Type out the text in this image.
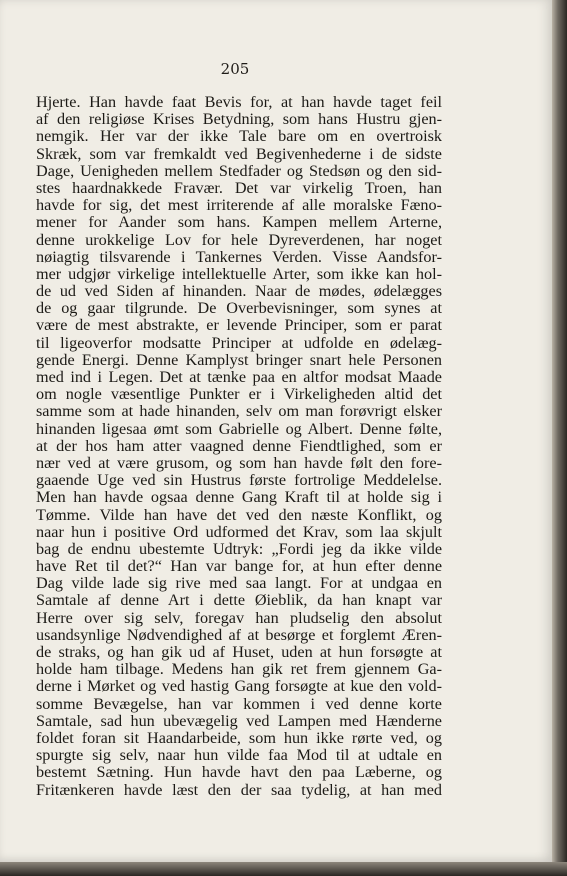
205
Hjerte. Han havde faat Bevis for, at han havde taget feil
af den religiøse Krises Betydning, som hans Hustru gjen-
nemgik. Her var der ikke Tale bare om en overtroisk
Skræk, som var fremkaldt ved Begivenhederne i de sidste
Dage, Uenigheden mellem Stedfader og Stedsøn og den sid-
stes haardnakkede Fravær. Det var virkelig Troen, han
havde for sig, det mest irriterende af alle moralske Fæno-
mener for Aander som hans. Kampen mellem Arterne,
denne urokkelige Lov for hele Dyreverdenen, har noget
nøiagtig tilsvarende i Tankernes Verden. Visse Aandsfor-
mer udgjør virkelige intellektuelle Arter, som ikke kan hol-
de ud ved Siden af hinanden. Naar de mødes, ødelægges
de og gaar tilgrunde. De Overbevisninger, som synes at
være de mest abstrakte, er levende Principer, som er parat
til ligeoverfor modsatte Principer at udfolde en ødelæg-
gende Energi. Denne Kamplyst bringer snart hele Personen
med ind i Legen. Det at tænke paa en altfor modsat Maade
om nogle væsentlige Punkter er i Virkeligheden altid det
samme som at hade hinanden, selv om man forøvrigt elsker
hinanden ligesaa ømt som Gabrielle og Albert. Denne følte,
at der hos ham atter vaagned denne Fiendtlighed, som er
nær ved at være grusom, og som han havde følt den fore-
gaaende Uge ved sin Hustrus første fortrolige Meddelelse.
Men han havde ogsaa denne Gang Kraft til at holde sig i
Tømme. Vilde han have det ved den næste Konflikt, og
naar hun i positive Ord udformed det Krav, som laa skjult
bag de endnu ubestemte Udtryk: „Fordi jeg da ikke vilde
have Ret til det?“ Han var bange for, at hun efter denne
Dag vilde lade sig rive med saa langt. For at undgaa en
Samtale af denne Art i dette Øieblik, da han knapt var
Herre over sig selv, foregav han pludselig den absolut
usandsynlige Nødvendighed af at besørge et forglemt Æren-
de straks, og han gik ud af Huset, uden at hun forsøgte at
holde ham tilbage. Medens han gik ret frem gjennem Ga-
derne i Mørket og ved hastig Gang forsøgte at kue den vold-
somme Bevægelse, han var kommen i ved denne korte
Samtale, sad hun ubevægelig ved Lampen med Hænderne
foldet foran sit Haandarbeide, som hun ikke rørte ved, og
spurgte sig selv, naar hun vilde faa Mod til at udtale en
bestemt Sætning. Hun havde havt den paa Læberne, og
Fritænkeren havde læst den der saa tydelig, at han med
